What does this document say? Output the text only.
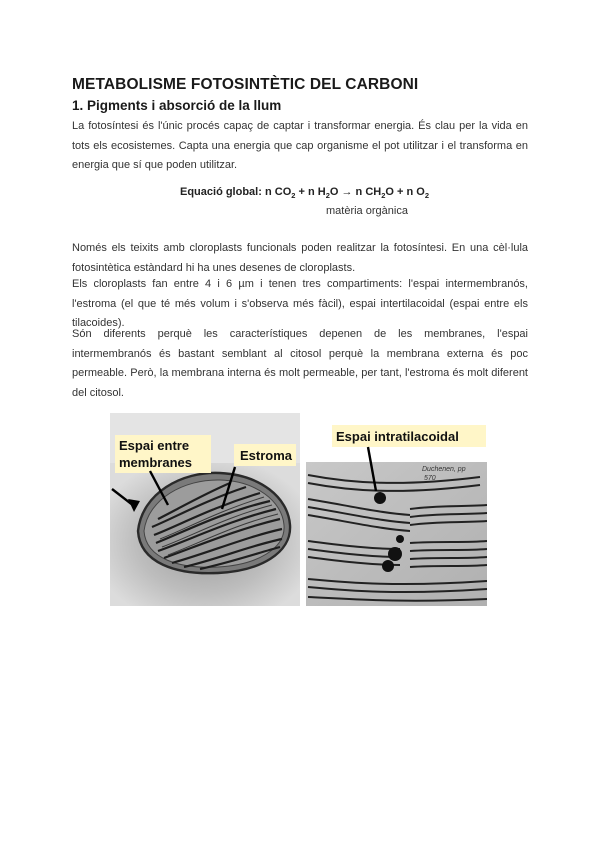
METABOLISME FOTOSINTÈTIC DEL CARBONI
1. Pigments i absorció de la llum

La fotosíntesi és l'únic procés capaç de captar i transformar energia. És clau per la vida en tots els ecosistemes. Capta una energia que cap organisme el pot utilitzar i el transforma en energia que sí que poden utilitzar.

Equació global: n $CO_2 + n$ $H_2O \to n$ $CH_2O + n$ $O_2$
matèria orgànica

Només els teixits amb cloroplasts funcionals poden realitzar la fotosíntesi. En una cèl·lula fotosintètica estàndard hi ha unes desenes de cloroplasts.

Els cloroplasts fan entre 4 i 6 µm i tenen tres compartiments: l'espai intermembranós, l'estroma (el que té més volum i s'observa més fàcil), espai intertilacoidal (espai entre els tilacoides).

Són diferents perquè les característiques depenen de les membranes, l'espai intermembranós és bastant semblant al citosol perquè la membrana externa és poc permeable. Però, la membrana interna és molt permeable, per tant, l'estroma és molt diferent del citosol.

Espai entre
membranes	Estroma
Duchenen, pp
570
Espai intratilacoidal
